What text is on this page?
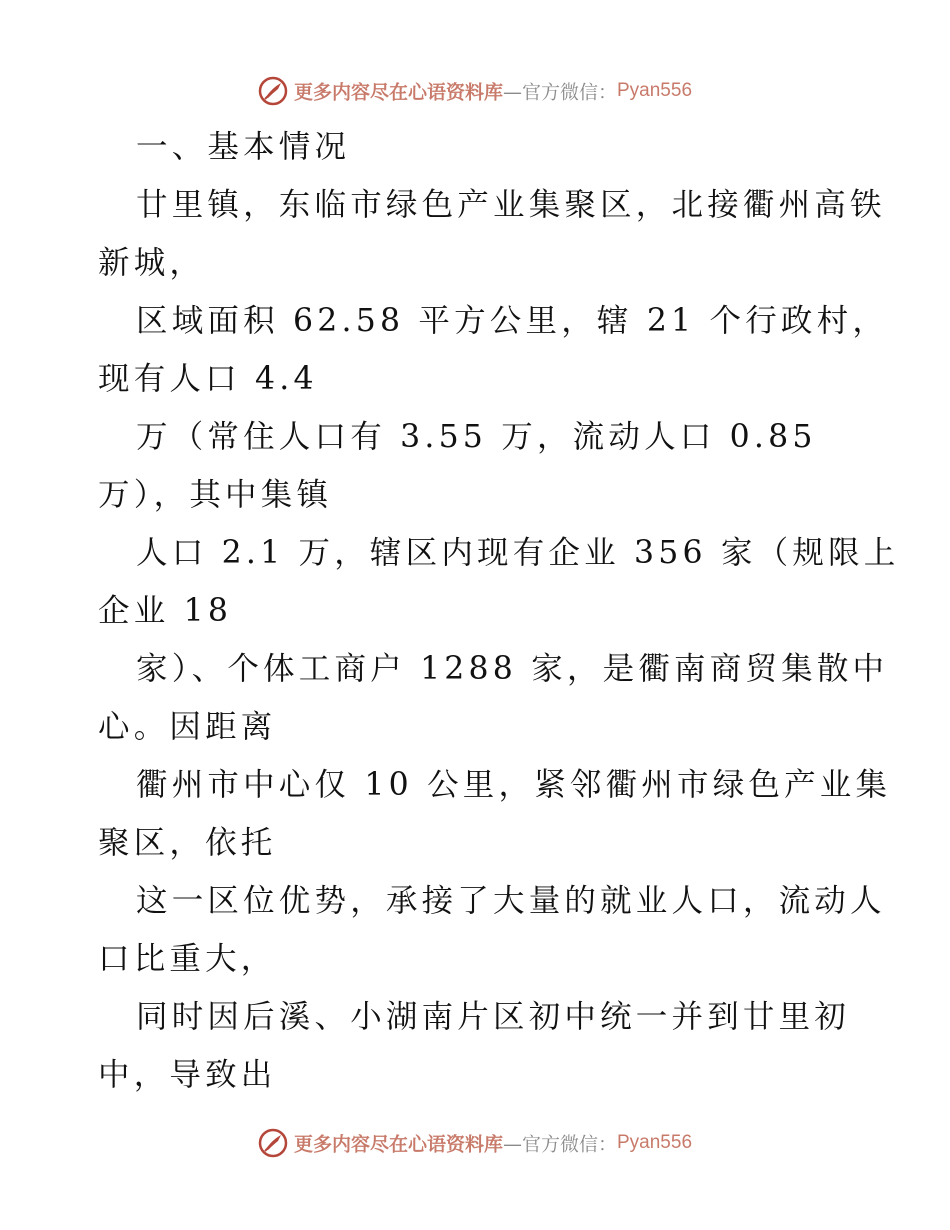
更多内容尽在心语资料库—官方微信：Pyan556
一、基本情况
廿里镇，东临市绿色产业集聚区，北接衢州高铁
新城，
区域面积 62.58 平方公里，辖 21 个行政村，
现有人口 4.4
万（常住人口有 3.55 万，流动人口 0.85
万），其中集镇
人口 2.1 万，辖区内现有企业 356 家（规限上
企业 18
家）、个体工商户 1288 家，是衢南商贸集散中
心。因距离
衢州市中心仅 10 公里，紧邻衢州市绿色产业集
聚区，依托
这一区位优势，承接了大量的就业人口，流动人
口比重大，
同时因后溪、小湖南片区初中统一并到廿里初
中，导致出
更多内容尽在心语资料库—官方微信：Pyan556
